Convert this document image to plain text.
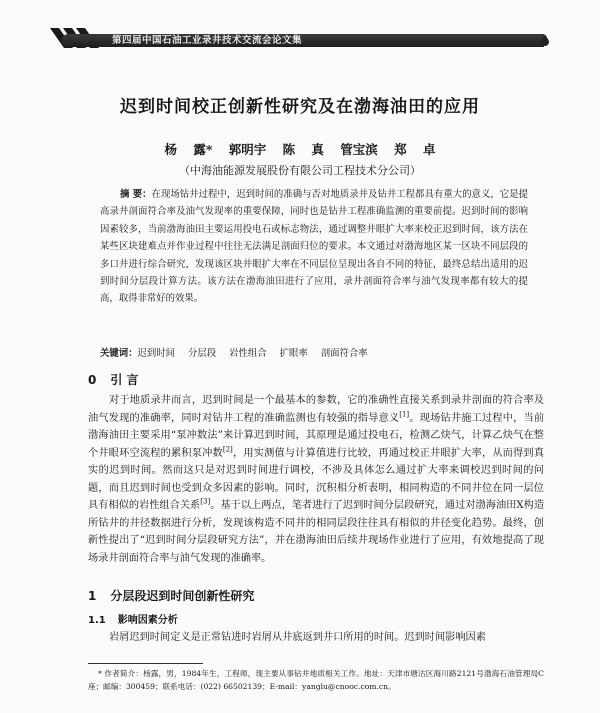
第四届中国石油工业录井技术交流会论文集
迟到时间校正创新性研究及在渤海油田的应用
杨 露* 郭明宇 陈 真 管宝滨 郑 卓
（中海油能源发展股份有限公司工程技术分公司）

摘 要：在现场钻井过程中，迟到时间的准确与否对地质录井及钻井工程都具有重大的意义，它是提高录井剖面符合率及油气发现率的重要保障，同时也是钻井工程准确监测的重要前提。迟到时间的影响因素较多，当前渤海油田主要运用投电石或标志物法，通过调整井眼扩大率来校正迟到时间，该方法在某些区块建难点并作业过程中往往无法满足剖面归位的要求。本文通过对渤海地区某一区块不同层段的多口井进行综合研究，发现该区块井眼扩大率在不同层位呈现出各自不同的特征，最终总结出适用的迟到时间分层段计算方法。该方法在渤海油田进行了应用，录井剖面符合率与油气发现率都有较大的提高，取得非常好的效果。

关键词：迟到时间 分层段 岩性组合 扩眼率 剖面符合率

0 引 言

对于地质录井而言，迟到时间是一个最基本的参数，它的准确性直接关系到录井剖面的符合率及油气发现的准确率，同时对钻井工程的准确监测也有较强的指导意义[1]。现场钻井施工过程中，当前渤海油田主要采用“泵冲数法”来计算迟到时间，其原理是通过投电石，检测乙炔气，计算乙炔气在整个井眼环空流程的累积泵冲数[2]，用实测值与计算值进行比较，再通过校正井眼扩大率，从而得到真实的迟到时间。然而这只是对迟到时间进行调校，不涉及具体怎么通过扩大率来调校迟到时间的问题，而且迟到时间也受到众多因素的影响。同时，沉积相分析表明，相同构造的不同井位在同一层位具有相似的岩性组合关系[3]。基于以上两点，笔者进行了迟到时间分层段研究，通过对渤海油田X构造所钻井的井径数据进行分析，发现该构造不同井的相同层段往往具有相似的井径变化趋势。最终，创新性提出了“迟到时间分层段研究方法”，并在渤海油田后续井现场作业进行了应用，有效地提高了现场录井剖面符合率与油气发现的准确率。

1 分层段迟到时间创新性研究
1.1 影响因素分析

岩屑迟到时间定义是正常钻进时岩屑从井底返到井口所用的时间。迟到时间影响因素

* 作者简介：杨露，男，1984年生，工程师，现主要从事钻井地质相关工作。地址：天津市塘沽区海川路2121号渤海石油管理局C座；邮编：300459；联系电话：(022) 66502139；E-mail：yanglu@cnooc.com.cn。
